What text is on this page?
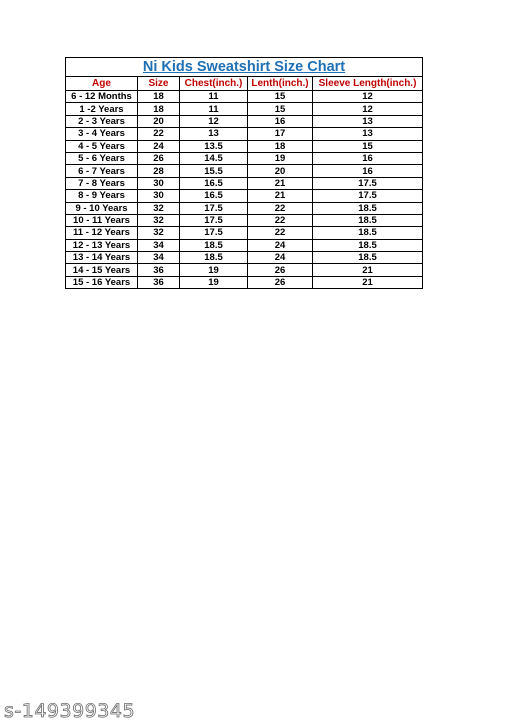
Ni Kids Sweatshirt Size Chart				
Age	Size	Chest(inch.)	Lenth(inch.)	Sleeve Length(inch.)
6 - 12 Months	18	11	15	12
1 -2 Years	18	11	15	12
2 - 3 Years	20	12	16	13
3 - 4 Years	22	13	17	13
4 - 5 Years	24	13.5	18	15
5 - 6 Years	26	14.5	19	16
6 - 7 Years	28	15.5	20	16
7 - 8 Years	30	16.5	21	17.5
8 - 9 Years	30	16.5	21	17.5
9 - 10 Years	32	17.5	22	18.5
10 - 11 Years	32	17.5	22	18.5
11 - 12 Years	32	17.5	22	18.5
12 - 13 Years	34	18.5	24	18.5
13 - 14 Years	34	18.5	24	18.5
14 - 15 Years	36	19	26	21
15 - 16 Years	36	19	26	21
s-149399345
